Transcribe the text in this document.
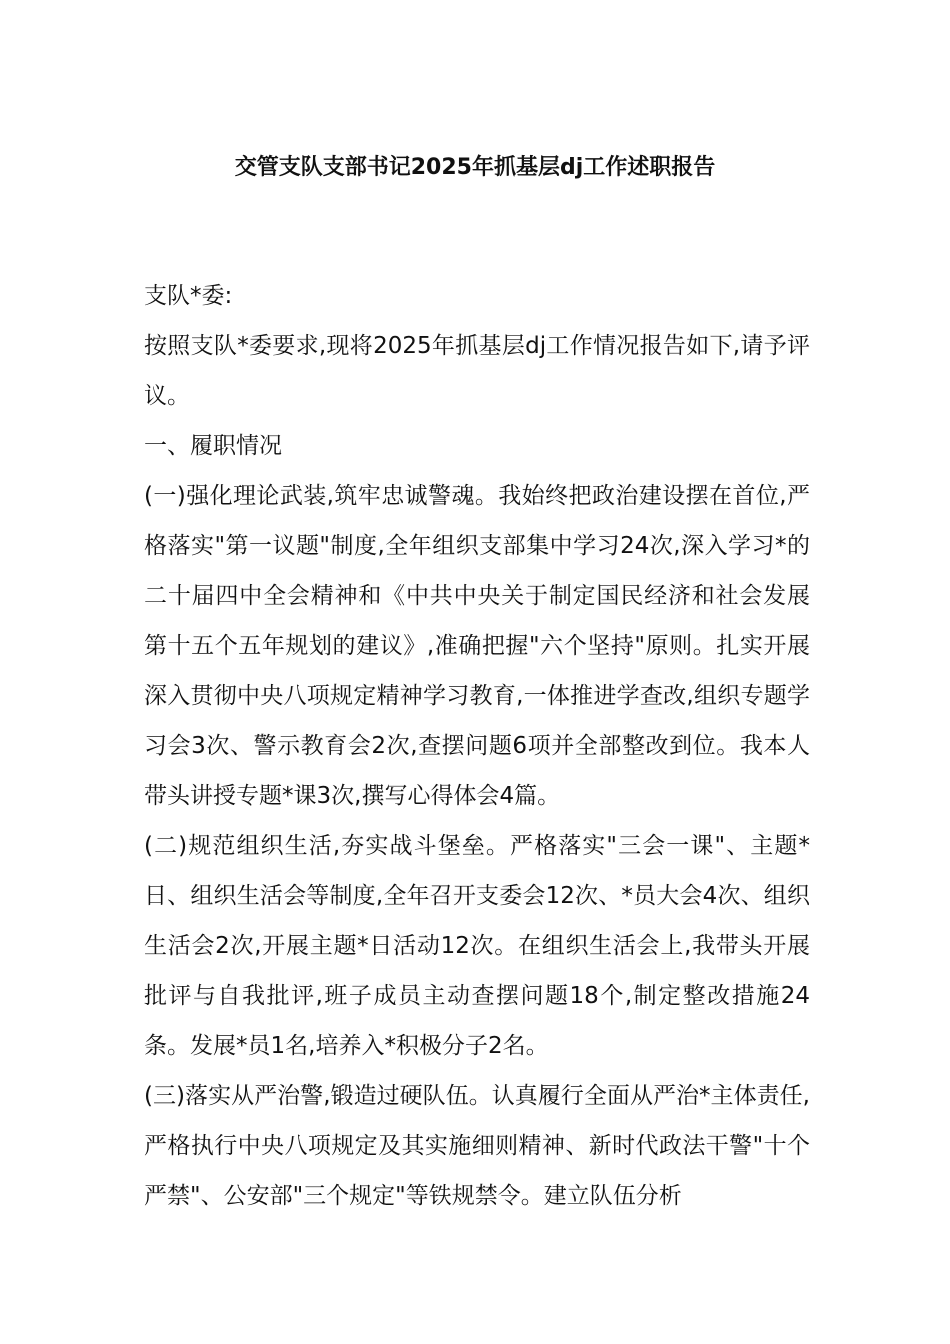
交管支队支部书记2025年抓基层dj工作述职报告

支队*委:

按照支队*委要求,现将2025年抓基层dj工作情况报告如下,请予评议。

一、履职情况

(一)强化理论武装,筑牢忠诚警魂。我始终把政治建设摆在首位,严格落实"第一议题"制度,全年组织支部集中学习24次,深入学习*的二十届四中全会精神和《中共中央关于制定国民经济和社会发展第十五个五年规划的建议》,准确把握"六个坚持"原则。扎实开展深入贯彻中央八项规定精神学习教育,一体推进学查改,组织专题学习会3次、警示教育会2次,查摆问题6项并全部整改到位。我本人带头讲授专题*课3次,撰写心得体会4篇。

(二)规范组织生活,夯实战斗堡垒。严格落实"三会一课"、主题*日、组织生活会等制度,全年召开支委会12次、*员大会4次、组织生活会2次,开展主题*日活动12次。在组织生活会上,我带头开展批评与自我批评,班子成员主动查摆问题18个,制定整改措施24条。发展*员1名,培养入*积极分子2名。

(三)落实从严治警,锻造过硬队伍。认真履行全面从严治*主体责任,严格执行中央八项规定及其实施细则精神、新时代政法干警"十个严禁"、公安部"三个规定"等铁规禁令。建立队伍分析
